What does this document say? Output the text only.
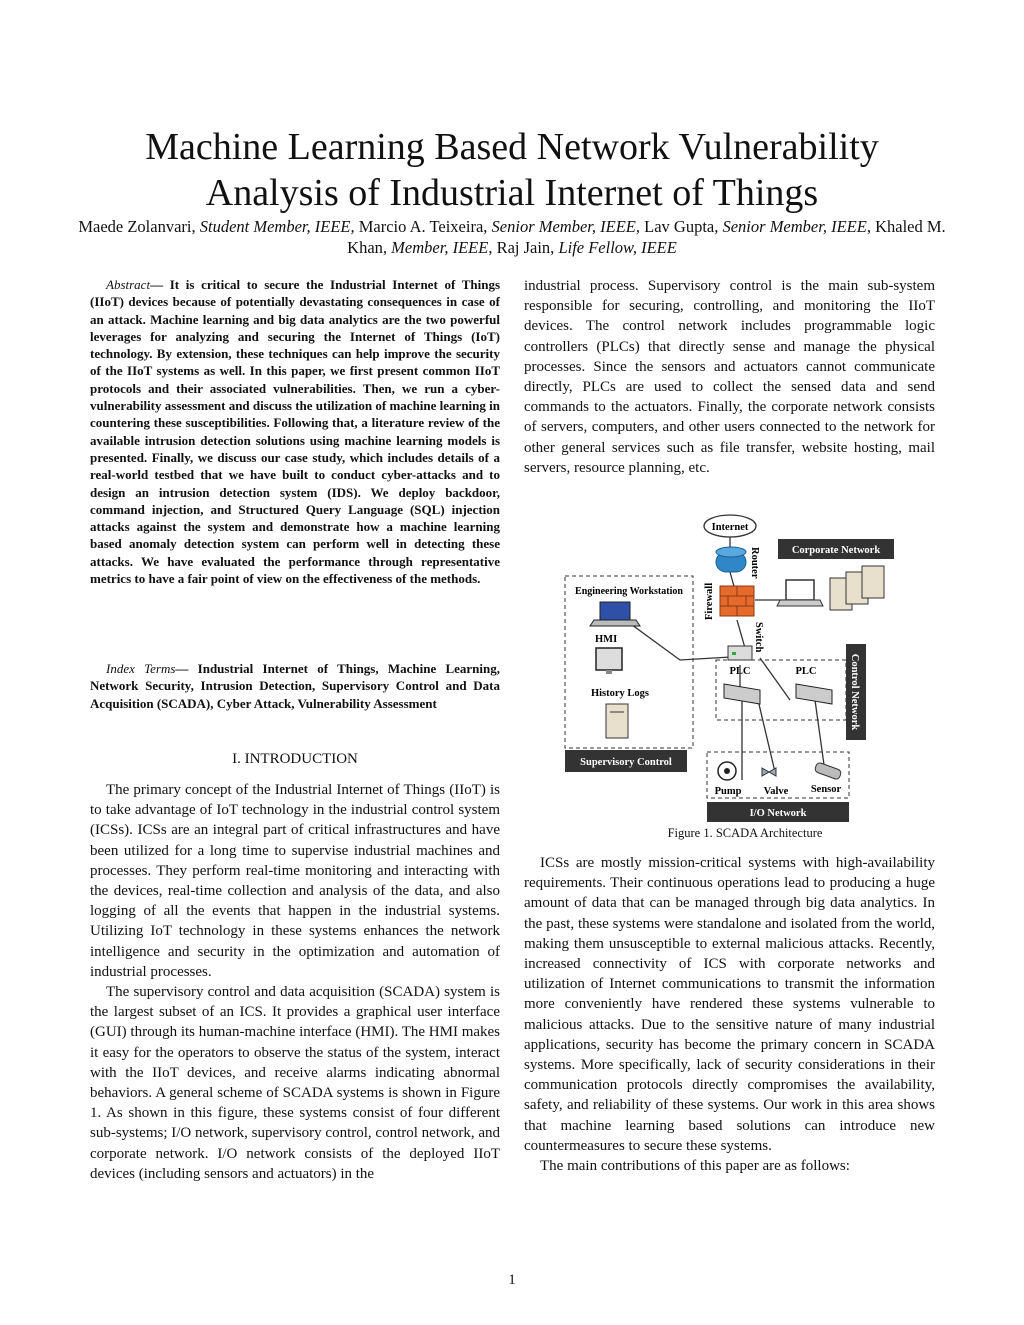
Machine Learning Based Network Vulnerability
Analysis of Industrial Internet of Things
Maede Zolanvari, Student Member, IEEE, Marcio A. Teixeira, Senior Member, IEEE, Lav Gupta, Senior Member, IEEE, Khaled M. Khan, Member, IEEE, Raj Jain, Life Fellow, IEEE

Abstract— It is critical to secure the Industrial Internet of Things (IIoT) devices because of potentially devastating consequences in case of an attack. Machine learning and big data analytics are the two powerful leverages for analyzing and securing the Internet of Things (IoT) technology. By extension, these techniques can help improve the security of the IIoT systems as well. In this paper, we first present common IIoT protocols and their associated vulnerabilities. Then, we run a cyber-vulnerability assessment and discuss the utilization of machine learning in countering these susceptibilities. Following that, a literature review of the available intrusion detection solutions using machine learning models is presented. Finally, we discuss our case study, which includes details of a real-world testbed that we have built to conduct cyber-attacks and to design an intrusion detection system (IDS). We deploy backdoor, command injection, and Structured Query Language (SQL) injection attacks against the system and demonstrate how a machine learning based anomaly detection system can perform well in detecting these attacks. We have evaluated the performance through representative metrics to have a fair point of view on the effectiveness of the methods.

Index Terms— Industrial Internet of Things, Machine Learning, Network Security, Intrusion Detection, Supervisory Control and Data Acquisition (SCADA), Cyber Attack, Vulnerability Assessment

I. INTRODUCTION

The primary concept of the Industrial Internet of Things (IIoT) is to take advantage of IoT technology in the industrial control system (ICSs). ICSs are an integral part of critical infrastructures and have been utilized for a long time to supervise industrial machines and processes. They perform real-time monitoring and interacting with the devices, real-time collection and analysis of the data, and also logging of all the events that happen in the industrial systems. Utilizing IoT technology in these systems enhances the network intelligence and security in the optimization and automation of industrial processes.

The supervisory control and data acquisition (SCADA) system is the largest subset of an ICS. It provides a graphical user interface (GUI) through its human-machine interface (HMI). The HMI makes it easy for the operators to observe the status of the system, interact with the IIoT devices, and receive alarms indicating abnormal behaviors. A general scheme of SCADA systems is shown in Figure 1. As shown in this figure, these systems consist of four different sub-systems; I/O network, supervisory control, control network, and corporate network. I/O network consists of the deployed IIoT devices (including sensors and actuators) in the

industrial process. Supervisory control is the main sub-system responsible for securing, controlling, and monitoring the IIoT devices. The control network includes programmable logic controllers (PLCs) that directly sense and manage the physical processes. Since the sensors and actuators cannot communicate directly, PLCs are used to collect the sensed data and send commands to the actuators. Finally, the corporate network consists of servers, computers, and other users connected to the network for other general services such as file transfer, website hosting, mail servers, resource planning, etc.

Internet
Router
Firewall
Switch
Corporate Network
Engineering Workstation
HMI
History Logs
Supervisory Control
PLC	PLC	Control Network
Pump Valve Sensor
I/O Network
Figure 1. SCADA Architecture

ICSs are mostly mission-critical systems with high-availability requirements. Their continuous operations lead to producing a huge amount of data that can be managed through big data analytics. In the past, these systems were standalone and isolated from the world, making them unsusceptible to external malicious attacks. Recently, increased connectivity of ICS with corporate networks and utilization of Internet communications to transmit the information more conveniently have rendered these systems vulnerable to malicious attacks. Due to the sensitive nature of many industrial applications, security has become the primary concern in SCADA systems. More specifically, lack of security considerations in their communication protocols directly compromises the availability, safety, and reliability of these systems. Our work in this area shows that machine learning based solutions can introduce new countermeasures to secure these systems.

The main contributions of this paper are as follows:

1
